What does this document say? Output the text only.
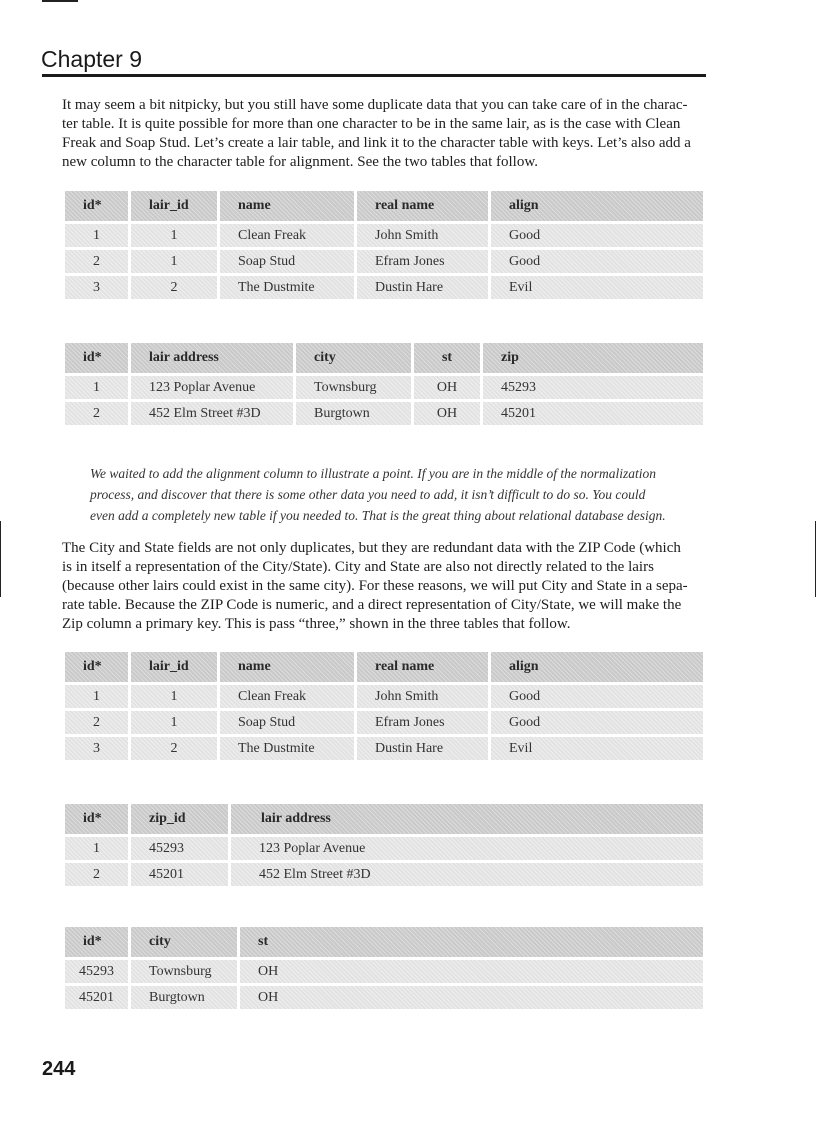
Chapter 9
It may seem a bit nitpicky, but you still have some duplicate data that you can take care of in the charac-
ter table. It is quite possible for more than one character to be in the same lair, as is the case with Clean
Freak and Soap Stud. Let’s create a lair table, and link it to the character table with keys. Let’s also add a
new column to the character table for alignment. See the two tables that follow.
id*	lair_id	name	real name	align
1	1	Clean Freak	John Smith	Good
2	1	Soap Stud	Efram Jones	Good
3	2	The Dustmite	Dustin Hare	Evil
id*	lair address	city	st	zip
1	123 Poplar Avenue	Townsburg	OH	45293
2	452 Elm Street #3D	Burgtown	OH	45201
We waited to add the alignment column to illustrate a point. If you are in the middle of the normalization
process, and discover that there is some other data you need to add, it isn’t difficult to do so. You could
even add a completely new table if you needed to. That is the great thing about relational database design.
The City and State fields are not only duplicates, but they are redundant data with the ZIP Code (which
is in itself a representation of the City/State). City and State are also not directly related to the lairs
(because other lairs could exist in the same city). For these reasons, we will put City and State in a sepa-
rate table. Because the ZIP Code is numeric, and a direct representation of City/State, we will make the
Zip column a primary key. This is pass “three,” shown in the three tables that follow.
id*	lair_id	name	real name	align
1	1	Clean Freak	John Smith	Good
2	1	Soap Stud	Efram Jones	Good
3	2	The Dustmite	Dustin Hare	Evil
id*	zip_id	lair address
1	45293	123 Poplar Avenue
2	45201	452 Elm Street #3D
id*	city	st
45293	Townsburg	OH
45201	Burgtown	OH
244
